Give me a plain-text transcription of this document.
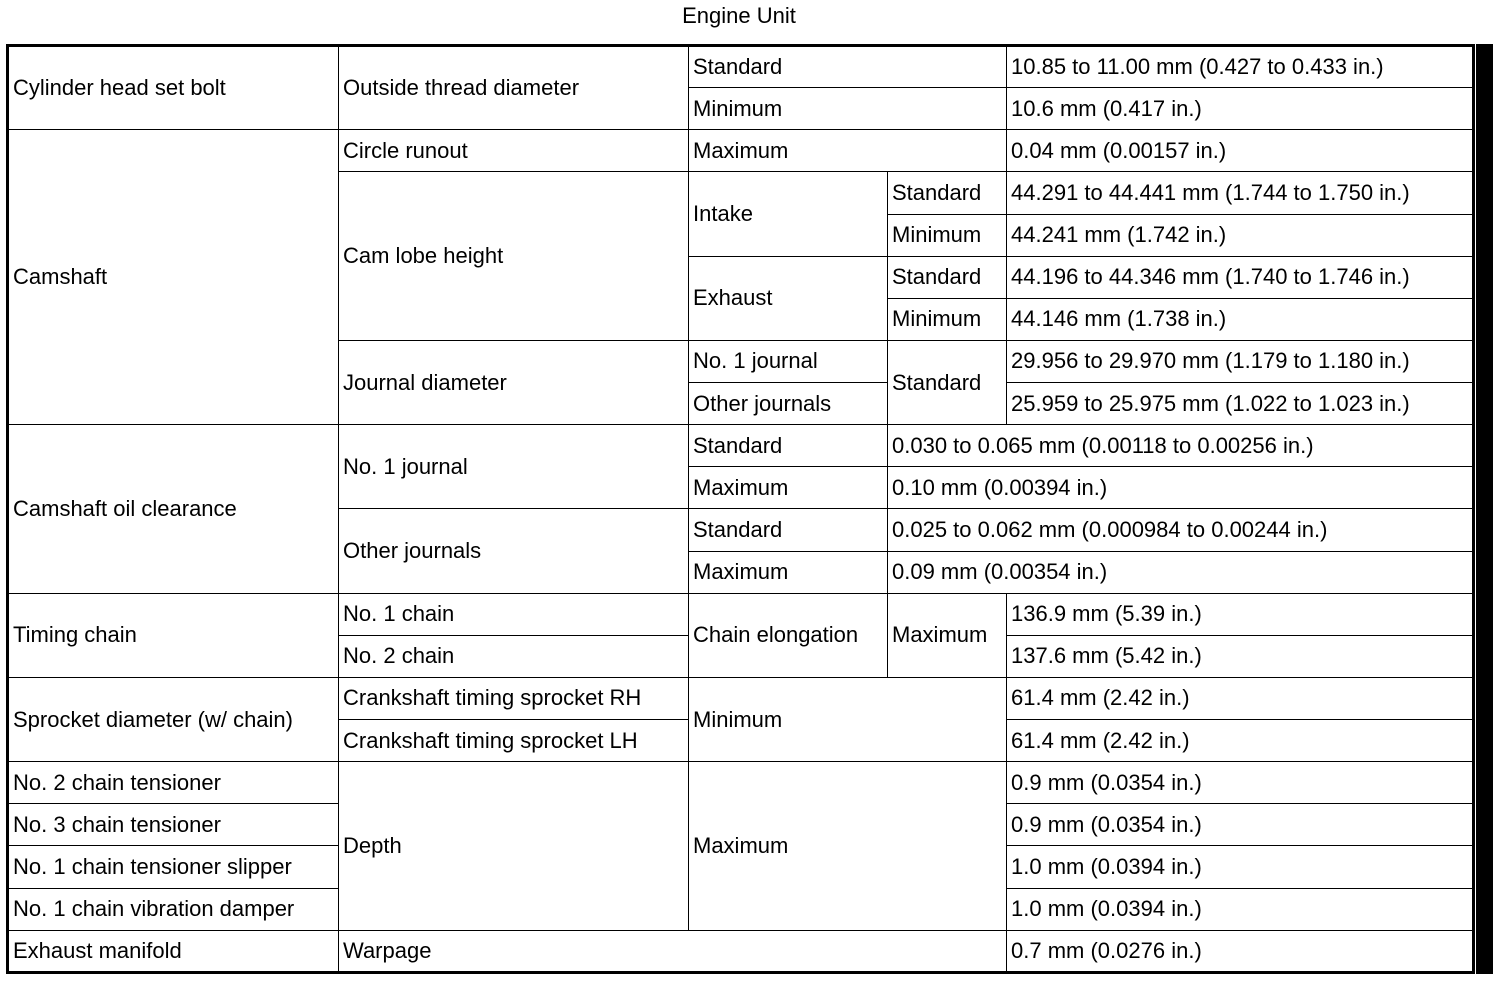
Engine Unit
Cylinder head set bolt	Outside thread diameter	Standard		10.85 to 11.00 mm (0.427 to 0.433 in.)
		Minimum		10.6 mm (0.417 in.)
Camshaft	Circle runout	Maximum		0.04 mm (0.00157 in.)
	Cam lobe height	Intake	Standard	44.291 to 44.441 mm (1.744 to 1.750 in.)
			Minimum	44.241 mm (1.742 in.)
		Exhaust	Standard	44.196 to 44.346 mm (1.740 to 1.746 in.)
			Minimum	44.146 mm (1.738 in.)
	Journal diameter	No. 1 journal	Standard	29.956 to 29.970 mm (1.179 to 1.180 in.)
		Other journals		25.959 to 25.975 mm (1.022 to 1.023 in.)
Camshaft oil clearance	No. 1 journal	Standard	0.030 to 0.065 mm (0.00118 to 0.00256 in.)	
		Maximum	0.10 mm (0.00394 in.)	
	Other journals	Standard	0.025 to 0.062 mm (0.000984 to 0.00244 in.)	
		Maximum	0.09 mm (0.00354 in.)	
Timing chain	No. 1 chain	Chain elongation	Maximum	136.9 mm (5.39 in.)
	No. 2 chain			137.6 mm (5.42 in.)
Sprocket diameter (w/ chain)	Crankshaft timing sprocket RH	Minimum		61.4 mm (2.42 in.)
	Crankshaft timing sprocket LH			61.4 mm (2.42 in.)
No. 2 chain tensioner	Depth	Maximum		0.9 mm (0.0354 in.)
No. 3 chain tensioner				0.9 mm (0.0354 in.)
No. 1 chain tensioner slipper				1.0 mm (0.0394 in.)
No. 1 chain vibration damper				1.0 mm (0.0394 in.)
Exhaust manifold	Warpage			0.7 mm (0.0276 in.)
